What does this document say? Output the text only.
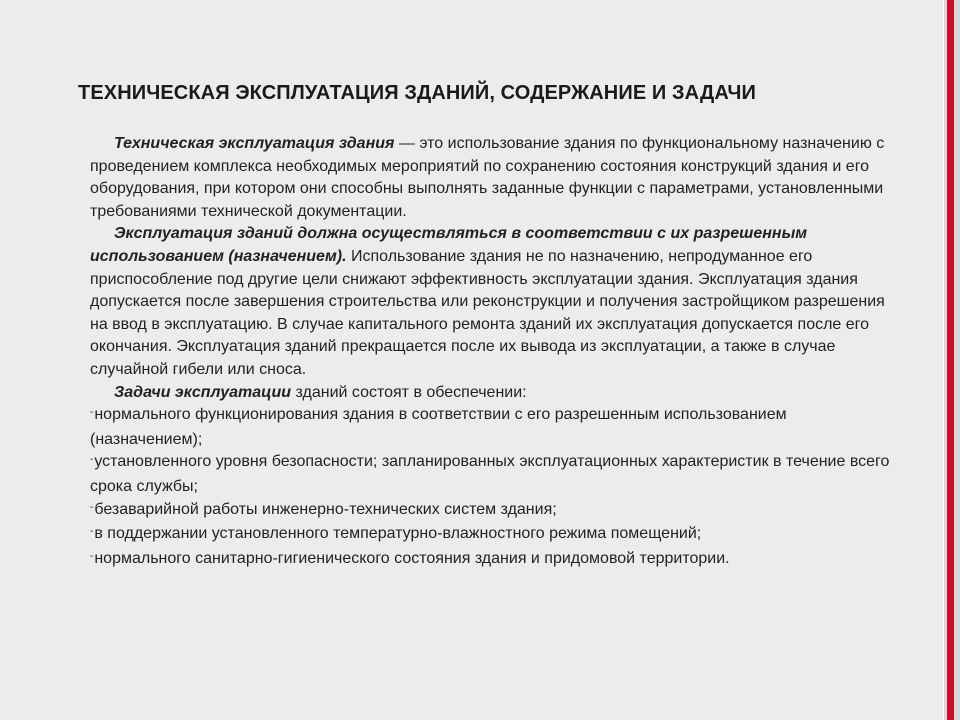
ТЕХНИЧЕСКАЯ ЭКСПЛУАТАЦИЯ ЗДАНИЙ, СОДЕРЖАНИЕ И ЗАДАЧИ

Техническая эксплуатация здания — это использование здания по функциональному назначению с проведением комплекса необходимых мероприятий по сохранению состояния конструкций здания и его оборудования, при котором они способны выполнять заданные функции с параметрами, установленными требованиями технической документации.

Эксплуатация зданий должна осуществляться в соответствии с их разрешенным использованием (назначением). Использование здания не по назначению, непродуманное его приспособление под другие цели снижают эффективность эксплуатации здания. Эксплуатация здания допускается после завершения строительства или реконструкции и получения застройщиком разрешения на ввод в эксплуатацию. В случае капитального ремонта зданий их эксплуатация допускается после его окончания. Эксплуатация зданий прекращается после их вывода из эксплуатации, а также в случае случайной гибели или сноса.

Задачи эксплуатации зданий состоят в обеспечении:

-нормального функционирования здания в соответствии с его разрешенным использованием (назначением);
-установленного уровня безопасности; запланированных эксплуатационных характеристик в течение всего срока службы;
-безаварийной работы инженерно-технических систем здания;
-в поддержании установленного температурно-влажностного режима помещений;
-нормального санитарно-гигиенического состояния здания и придомовой территории.
